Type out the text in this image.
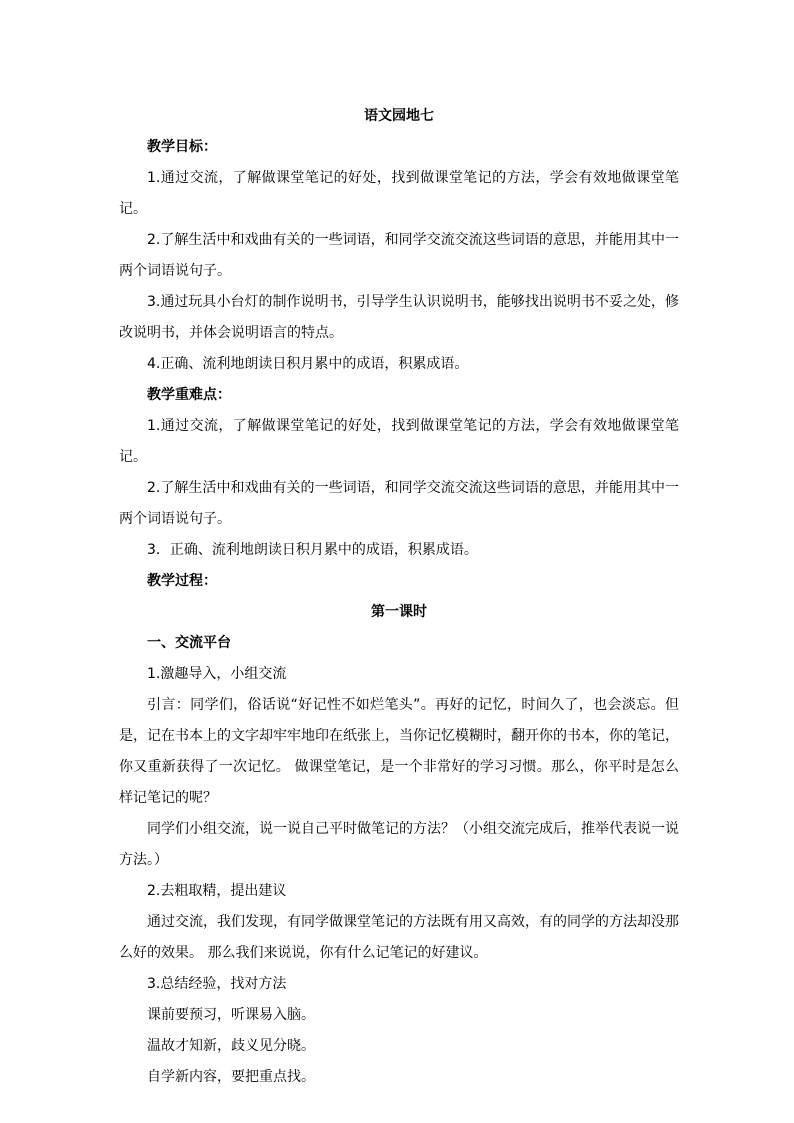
语文园地七

教学目标：

1.通过交流，了解做课堂笔记的好处，找到做课堂笔记的方法，学会有效地做课堂笔记。

2.了解生活中和戏曲有关的一些词语，和同学交流交流这些词语的意思，并能用其中一两个词语说句子。

3.通过玩具小台灯的制作说明书，引导学生认识说明书，能够找出说明书不妥之处，修改说明书，并体会说明语言的特点。

4.正确、流利地朗读日积月累中的成语，积累成语。

教学重难点：

1.通过交流，了解做课堂笔记的好处，找到做课堂笔记的方法，学会有效地做课堂笔记。

2.了解生活中和戏曲有关的一些词语，和同学交流交流这些词语的意思，并能用其中一两个词语说句子。

3．正确、流利地朗读日积月累中的成语，积累成语。

教学过程：

第一课时

一、交流平台

1.激趣导入，小组交流

引言：同学们，俗话说“好记性不如烂笔头”。再好的记忆，时间久了，也会淡忘。但是，记在书本上的文字却牢牢地印在纸张上，当你记忆模糊时，翻开你的书本，你的笔记，你又重新获得了一次记忆。 做课堂笔记，是一个非常好的学习习惯。那么，你平时是怎么样记笔记的呢？

同学们小组交流，说一说自己平时做笔记的方法？（小组交流完成后，推举代表说一说方法。）

2.去粗取精，提出建议

通过交流，我们发现，有同学做课堂笔记的方法既有用又高效，有的同学的方法却没那么好的效果。 那么我们来说说，你有什么记笔记的好建议。

3.总结经验，找对方法

课前要预习，听课易入脑。

温故才知新，歧义见分晓。

自学新内容，要把重点找。
